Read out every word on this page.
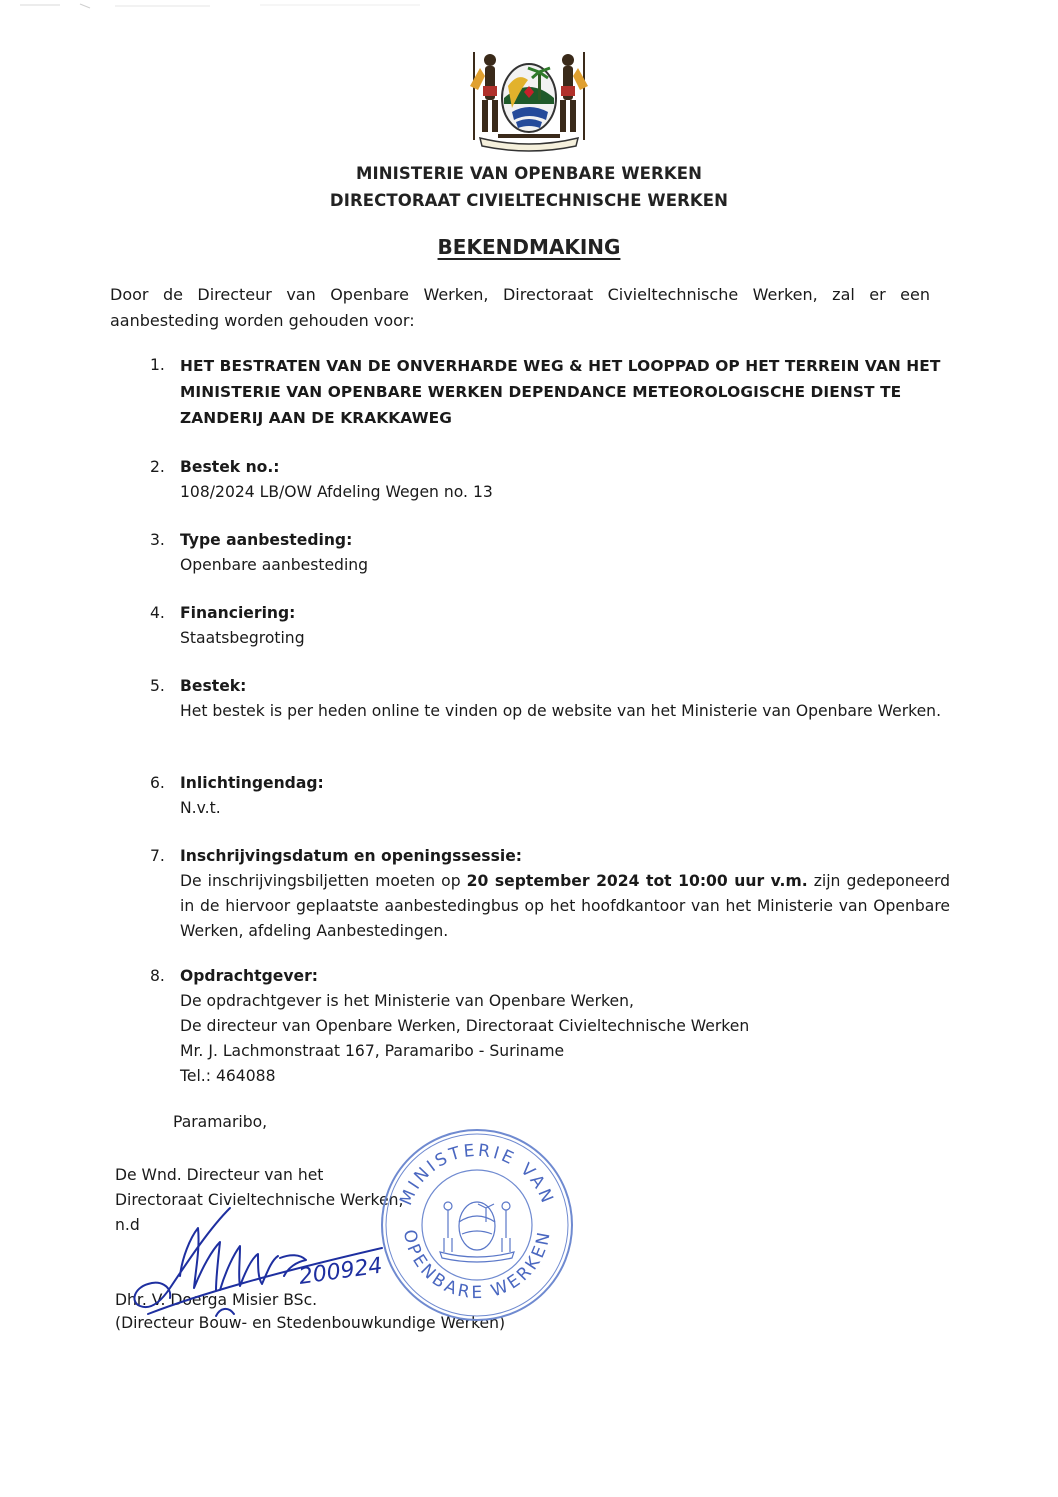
MINISTERIE VAN OPENBARE WERKEN
DIRECTORAAT CIVIELTECHNISCHE WERKEN
BEKENDMAKING
Door de Directeur van Openbare Werken, Directoraat Civieltechnische Werken, zal er een aanbesteding worden gehouden voor:
1. HET BESTRATEN VAN DE ONVERHARDE WEG & HET LOOPPAD OP HET TERREIN VAN HET
MINISTERIE VAN OPENBARE WERKEN DEPENDANCE METEOROLOGISCHE DIENST TE
ZANDERIJ AAN DE KRAKKAWEG
2. Bestek no.:
108/2024 LB/OW Afdeling Wegen no. 13
3. Type aanbesteding:
Openbare aanbesteding
4. Financiering:
Staatsbegroting
5. Bestek:
Het bestek is per heden online te vinden op de website van het Ministerie van Openbare Werken.
6. Inlichtingendag:
N.v.t.
7. Inschrijvingsdatum en openingssessie:
De inschrijvingsbiljetten moeten op 20 september 2024 tot 10:00 uur v.m. zijn gedeponeerd in de hiervoor geplaatste aanbestedingbus op het hoofdkantoor van het Ministerie van Openbare Werken, afdeling Aanbestedingen.
8. Opdrachtgever:
De opdrachtgever is het Ministerie van Openbare Werken,
De directeur van Openbare Werken, Directoraat Civieltechnische Werken
Mr. J. Lachmonstraat 167, Paramaribo - Suriname
Tel.: 464088
Paramaribo,
De Wnd. Directeur van het
Directoraat Civieltechnische Werken,
n.d
Dhr. V. Doerga Misier BSc.
(Directeur Bouw- en Stedenbouwkundige Werken)
MINISTERIE VAN
OPENBARE WERKEN
200924
